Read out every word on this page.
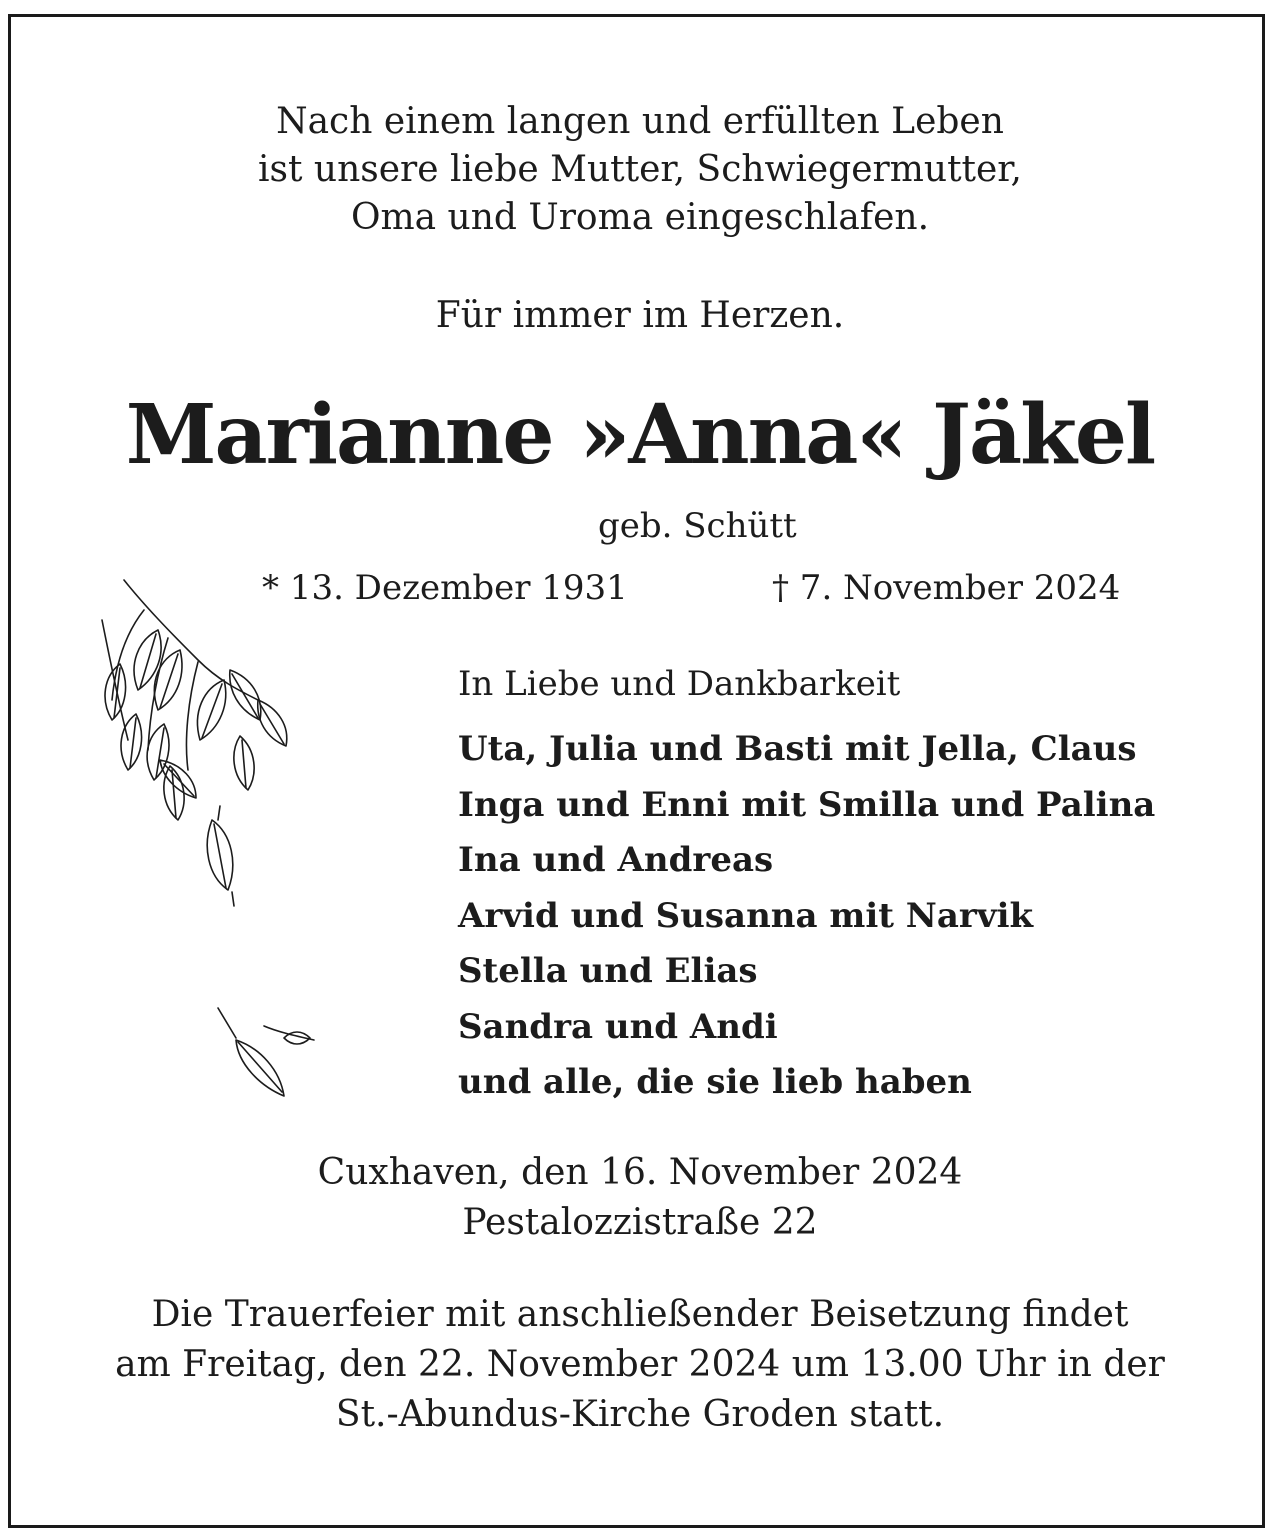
Nach einem langen und erfüllten Leben
ist unsere liebe Mutter, Schwiegermutter,
Oma und Uroma eingeschlafen.
Für immer im Herzen.
Marianne »Anna« Jäkel
geb. Schütt
* 13. Dezember 1931	† 7. November 2024
In Liebe und Dankbarkeit
Uta, Julia und Basti mit Jella, Claus
Inga und Enni mit Smilla und Palina
Ina und Andreas
Arvid und Susanna mit Narvik
Stella und Elias
Sandra und Andi
und alle, die sie lieb haben
Cuxhaven, den 16. November 2024
Pestalozzistraße 22
Die Trauerfeier mit anschließender Beisetzung findet
am Freitag, den 22. November 2024 um 13.00 Uhr in der
St.-Abundus-Kirche Groden statt.
